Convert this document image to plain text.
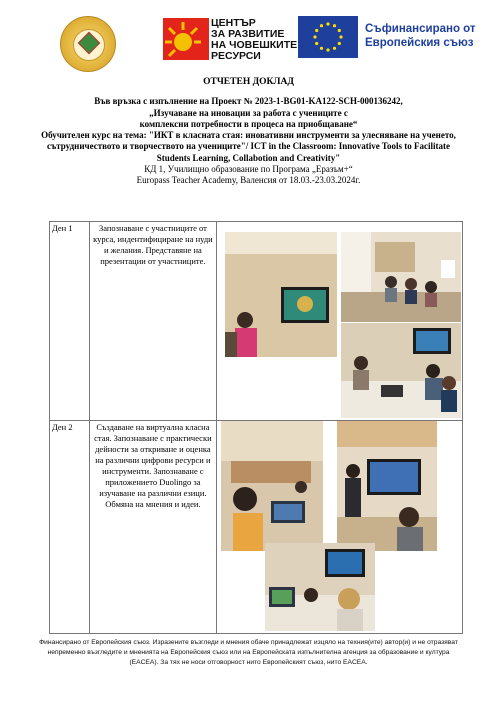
ЦЕНТЪР
ЗА РАЗВИТИЕ
НА ЧОВЕШКИТЕ
РЕСУРСИ
Съфинансирано от
Европейския съюз
ОТЧЕТЕН ДОКЛАД
Във връзка с изпълнение на Проект № 2023-1-BG01-KA122-SCH-000136242,
„Изучаване на иновации за работа с учениците с
комплексни потребности в процеса на приобщаване“
Обучителен курс на тема: "ИКТ в класната стая: иновативни инструменти за улесняване на ученето, сътрудничеството и творчеството на учениците"/ ICT in the Classroom: Innovative Tools to Facilitate Students Learning, Collabotion and Creativity"
КД 1, Училищно образование по Програма „Еразъм+“
Europass Teacher Academy, Валенсия от 18.03.-23.03.2024г.
Ден 1	Запознаване с участниците от курса, индентифициране на нуди и желания. Представяне на презентации от участниците.	

Ден 2	Създаване на виртуална класна стая. Запознаване с практически дейности за откриване и оценка на различни цифрови ресурси и инструменти. Запознаване с приложението Duolingo за изучаване на различни езици. Обмяна на мнения и идеи.	
Финансирано от Европейския съюз. Изразените възгледи и мнения обаче принадлежат изцяло на техния(ите) автор(и) и не отразяват непременно възгледите и мненията на Европейския съюз или на Европейската изпълнителна агенция за образование и култура (EACEA). За тях не носи отговорност нито Европейският съюз, нито EACEA.
